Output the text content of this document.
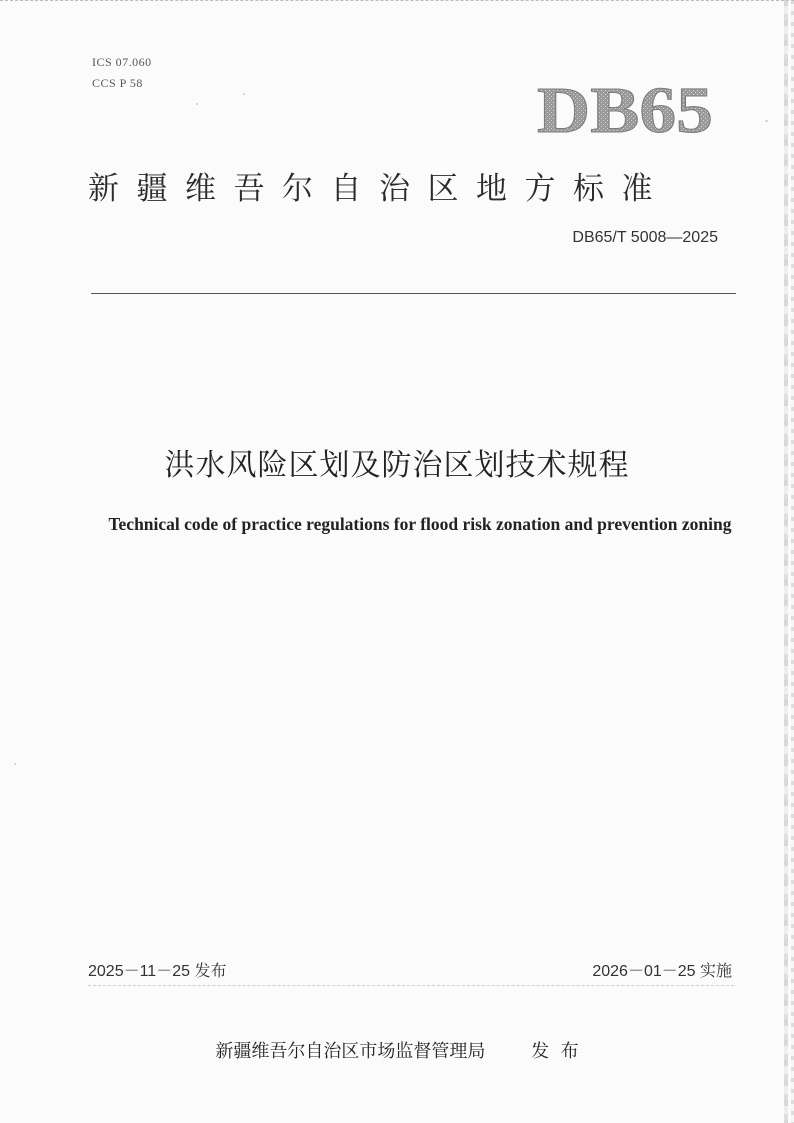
ICS 07.060
CCS P 58	DB65
新疆维吾尔自治区地方标准
DB65/T 5008—2025
洪水风险区划及防治区划技术规程
Technical code of practice regulations for flood risk zonation and prevention zoning
2025－11－25 发布	2026－01－25 实施
新疆维吾尔自治区市场监督管理局	发  布
